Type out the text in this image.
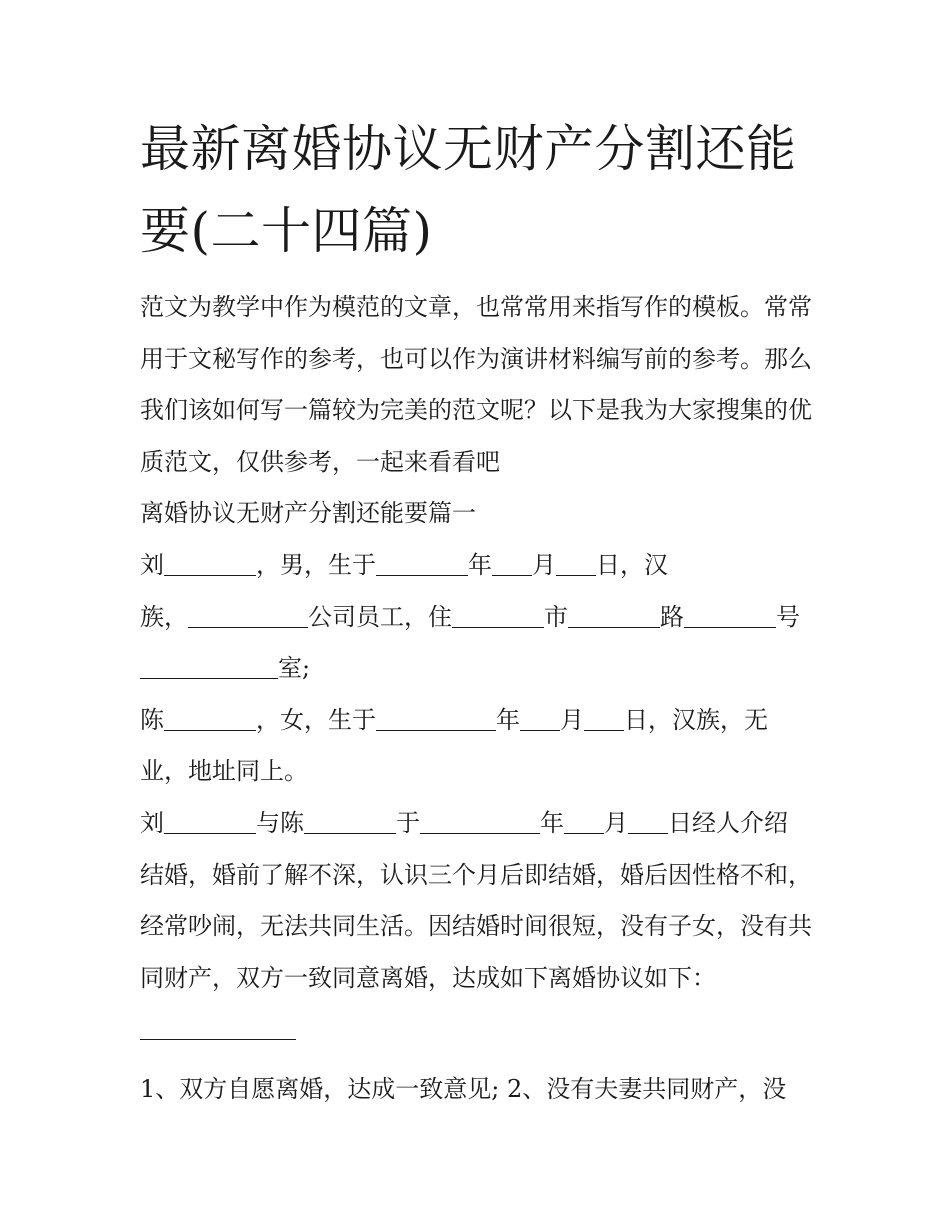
最新离婚协议无财产分割还能要(二十四篇)

范文为教学中作为模范的文章，也常常用来指写作的模板。常常用于文秘写作的参考，也可以作为演讲材料编写前的参考。那么我们该如何写一篇较为完美的范文呢？以下是我为大家搜集的优质范文，仅供参考，一起来看看吧

离婚协议无财产分割还能要篇一

刘	，男，生于	年 月 日，汉
族，	公司员工，住	市	路	号
室;
陈	，女，生于	年 月 日，汉族，无
业，地址同上。
刘	与陈	于	年 月 日经人介绍

结婚，婚前了解不深，认识三个月后即结婚，婚后因性格不和，经常吵闹，无法共同生活。因结婚时间很短，没有子女，没有共同财产，双方一致同意离婚，达成如下离婚协议如下：

1、双方自愿离婚，达成一致意见; 2、没有夫妻共同财产，没
